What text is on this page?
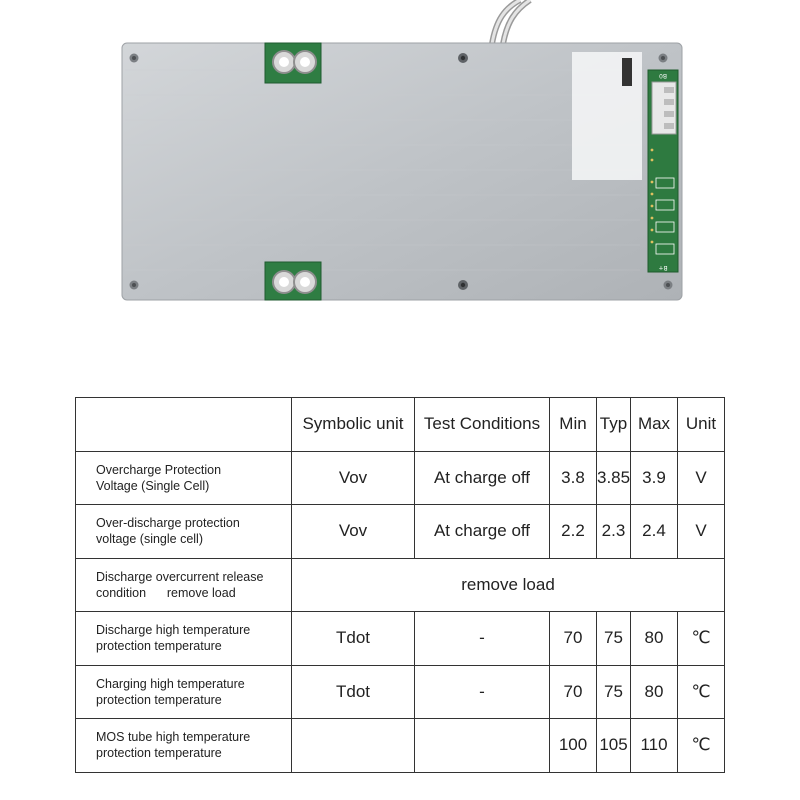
B0
B+
	Symbolic unit	Test Conditions	Min	Typ	Max	Unit

Overcharge Protection
Voltage (Single Cell)	Vov	At charge off	3.8	3.85	3.9	V

Over-discharge protection
voltage (single cell)	Vov	At charge off	2.2	2.3	2.4	V

Discharge overcurrent release
condition      remove load	remove load					

Discharge high temperature
protection temperature	Tdot	-	70	75	80	℃

Charging high temperature
protection temperature	Tdot	-	70	75	80	℃

MOS tube high temperature
protection temperature			100	105	110	℃
